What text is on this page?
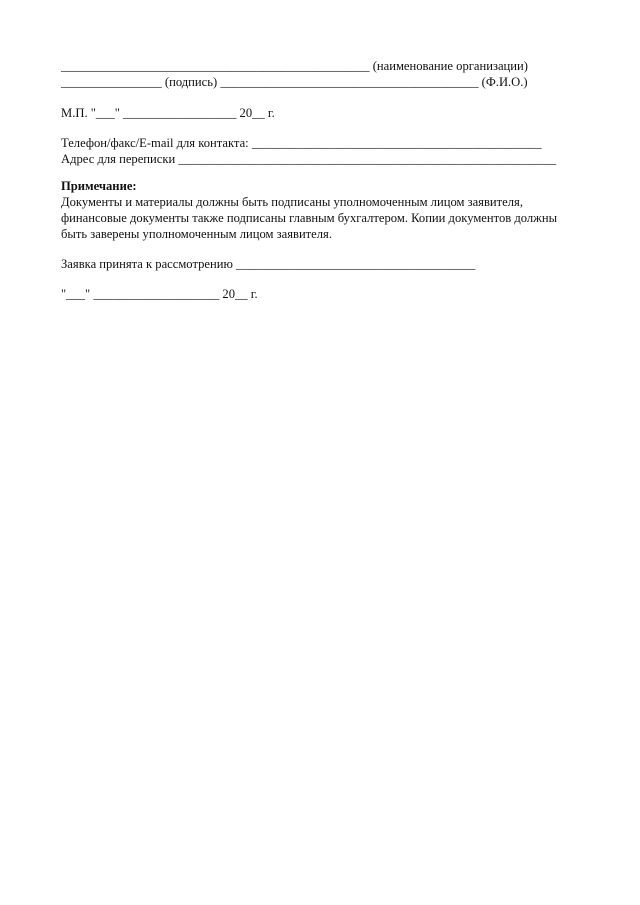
_________________________________________________ (наименование организации)
________________ (подпись) _________________________________________ (Ф.И.О.)
М.П. "___" __________________ 20__ г.
Телефон/факс/E-mail для контакта: ______________________________________________
Адрес для переписки ____________________________________________________________
Примечание:
Документы и материалы должны быть подписаны уполномоченным лицом заявителя, финансовые документы также подписаны главным бухгалтером. Копии документов должны быть заверены уполномоченным лицом заявителя.
Заявка принята к рассмотрению ______________________________________
"___" ____________________ 20__ г.
